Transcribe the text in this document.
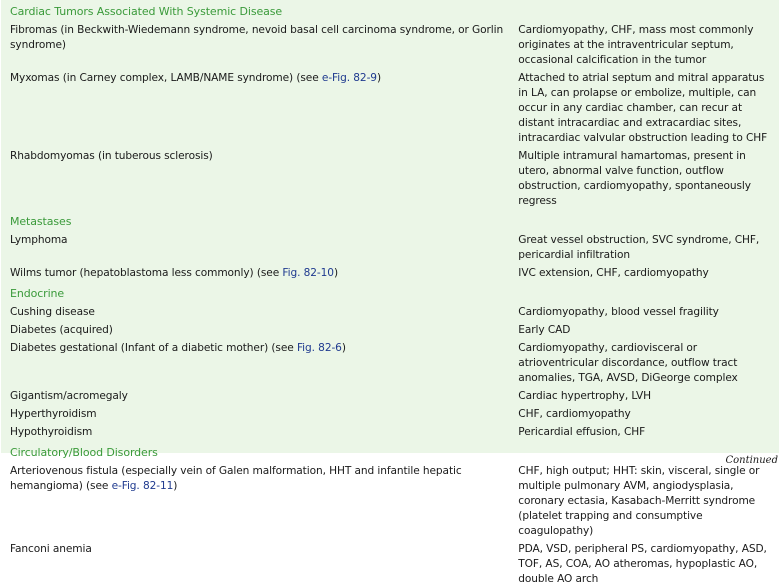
Cardiac Tumors Associated With Systemic Disease	
Fibromas (in Beckwith-Wiedemann syndrome, nevoid basal cell carcinoma syndrome, or Gorlin syndrome)	Cardiomyopathy, CHF, mass most commonly originates at the intraventricular septum, occasional calcification in the tumor
Myxomas (in Carney complex, LAMB/NAME syndrome) (see e-Fig. 82-9)	Attached to atrial septum and mitral apparatus in LA, can prolapse or embolize, multiple, can occur in any cardiac chamber, can recur at distant intracardiac and extracardiac sites, intracardiac valvular obstruction leading to CHF
Rhabdomyomas (in tuberous sclerosis)	Multiple intramural hamartomas, present in utero, abnormal valve function, outflow obstruction, cardiomyopathy, spontaneously regress
Metastases	
Lymphoma	Great vessel obstruction, SVC syndrome, CHF, pericardial infiltration
Wilms tumor (hepatoblastoma less commonly) (see Fig. 82-10)	IVC extension, CHF, cardiomyopathy
Endocrine	
Cushing disease	Cardiomyopathy, blood vessel fragility
Diabetes (acquired)	Early CAD
Diabetes gestational (Infant of a diabetic mother) (see Fig. 82-6)	Cardiomyopathy, cardiovisceral or atrioventricular discordance, outflow tract anomalies, TGA, AVSD, DiGeorge complex
Gigantism/acromegaly	Cardiac hypertrophy, LVH
Hyperthyroidism	CHF, cardiomyopathy
Hypothyroidism	Pericardial effusion, CHF
Circulatory/Blood Disorders	
Arteriovenous fistula (especially vein of Galen malformation, HHT and infantile hepatic hemangioma) (see e-Fig. 82-11)	CHF, high output; HHT: skin, visceral, single or multiple pulmonary AVM, angiodysplasia, coronary ectasia, Kasabach-Merritt syndrome (platelet trapping and consumptive coagulopathy)
Fanconi anemia	PDA, VSD, peripheral PS, cardiomyopathy, ASD, TOF, AS, COA, AO atheromas, hypoplastic AO, double AO arch
Continued
